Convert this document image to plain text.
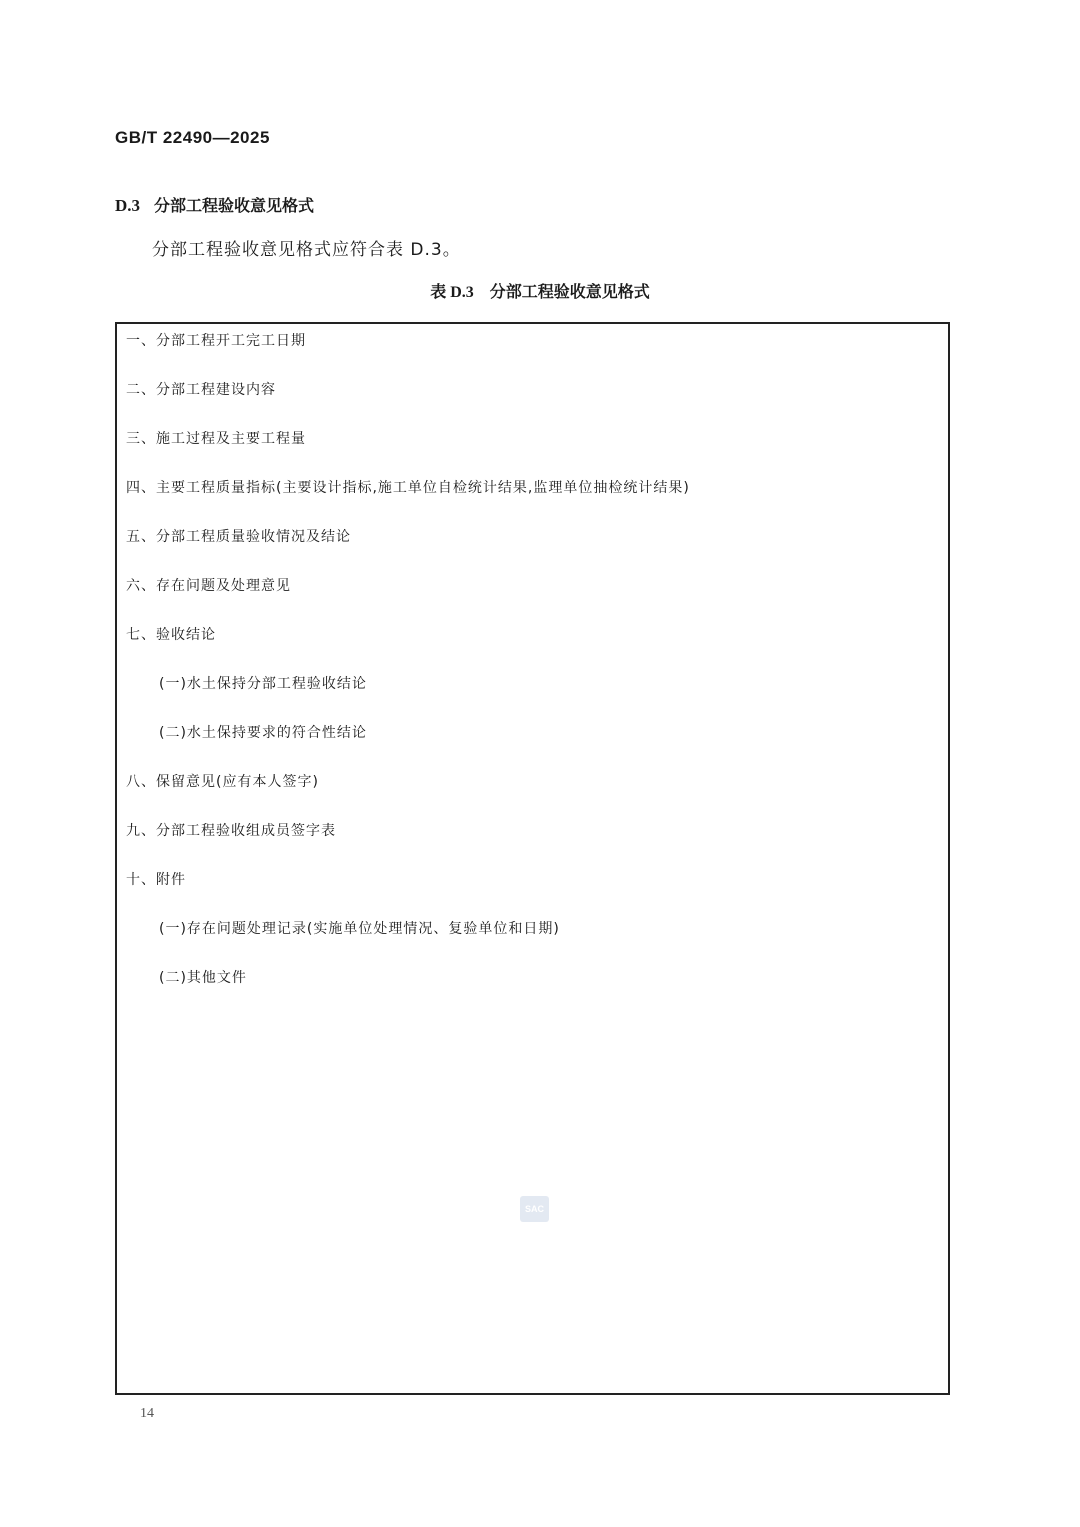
GB/T 22490—2025
D.3 分部工程验收意见格式
分部工程验收意见格式应符合表 D.3。
表 D.3 分部工程验收意见格式
一、分部工程开工完工日期
二、分部工程建设内容
三、施工过程及主要工程量
四、主要工程质量指标(主要设计指标,施工单位自检统计结果,监理单位抽检统计结果)
五、分部工程质量验收情况及结论
六、存在问题及处理意见
七、验收结论
(一)水土保持分部工程验收结论
(二)水土保持要求的符合性结论
八、保留意见(应有本人签字)
九、分部工程验收组成员签字表
十、附件
(一)存在问题处理记录(实施单位处理情况、复验单位和日期)
(二)其他文件
SAC
14
